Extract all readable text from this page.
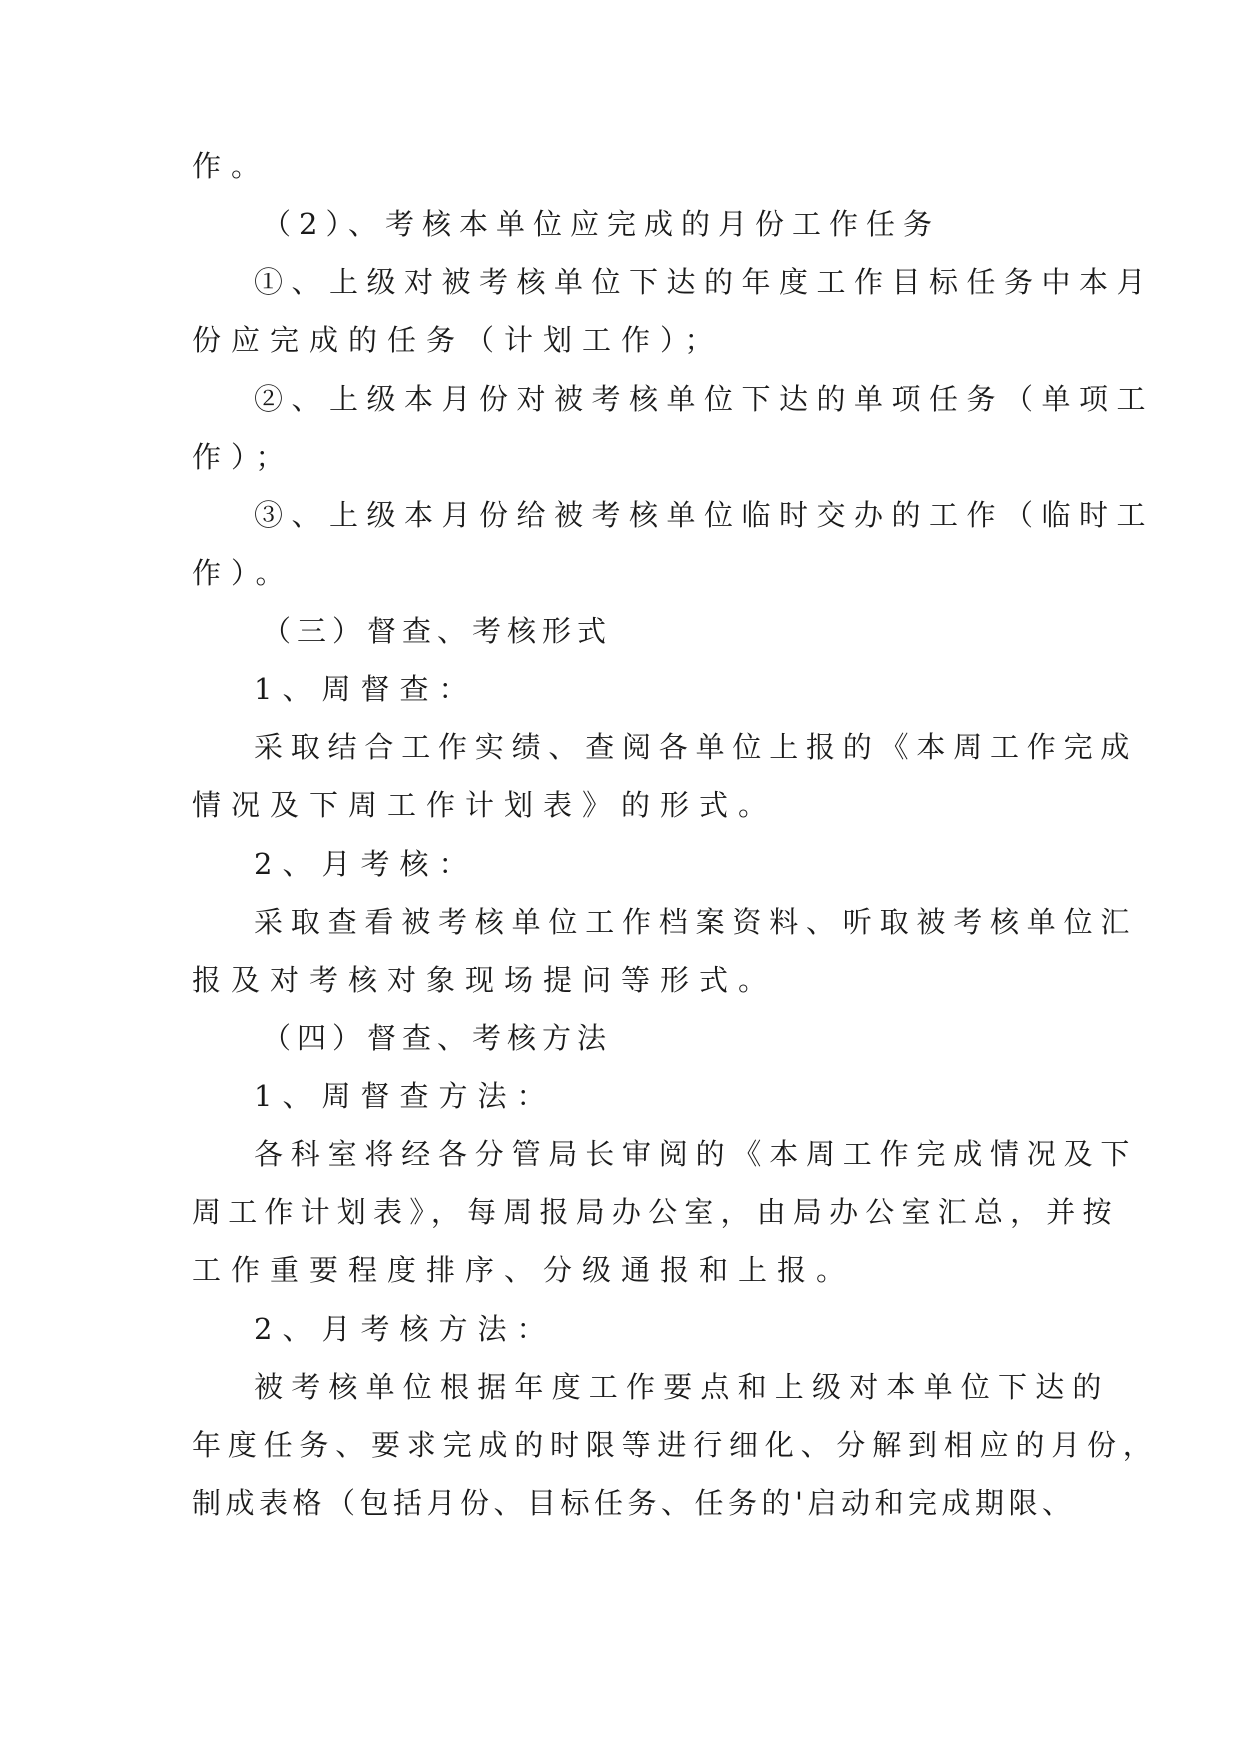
作。
（2）、考核本单位应完成的月份工作任务
①、上级对被考核单位下达的年度工作目标任务中本月
份应完成的任务（计划工作）；
②、上级本月份对被考核单位下达的单项任务（单项工
作）；
③、上级本月份给被考核单位临时交办的工作（临时工
作）。
（三）督查、考核形式
1、周督查：
采取结合工作实绩、查阅各单位上报的《本周工作完成
情况及下周工作计划表》的形式。
2、月考核：
采取查看被考核单位工作档案资料、听取被考核单位汇
报及对考核对象现场提问等形式。
（四）督查、考核方法
1、周督查方法：
各科室将经各分管局长审阅的《本周工作完成情况及下
周工作计划表》，每周报局办公室，由局办公室汇总，并按
工作重要程度排序、分级通报和上报。
2、月考核方法：
被考核单位根据年度工作要点和上级对本单位下达的
年度任务、要求完成的时限等进行细化、分解到相应的月份，
制成表格（包括月份、目标任务、任务的'启动和完成期限、
